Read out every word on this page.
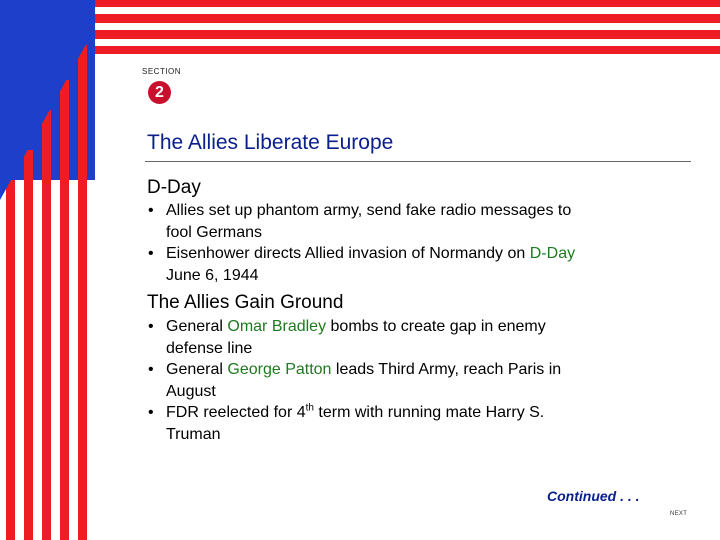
SECTION
2
The Allies Liberate Europe
D-Day
• Allies set up phantom army, send fake radio messages to fool Germans
• Eisenhower directs Allied invasion of Normandy on D-Day June 6, 1944
The Allies Gain Ground
• General Omar Bradley bombs to create gap in enemy defense line
• General George Patton leads Third Army, reach Paris in August
• FDR reelected for 4th term with running mate Harry S. Truman
Continued . . .
NEXT
